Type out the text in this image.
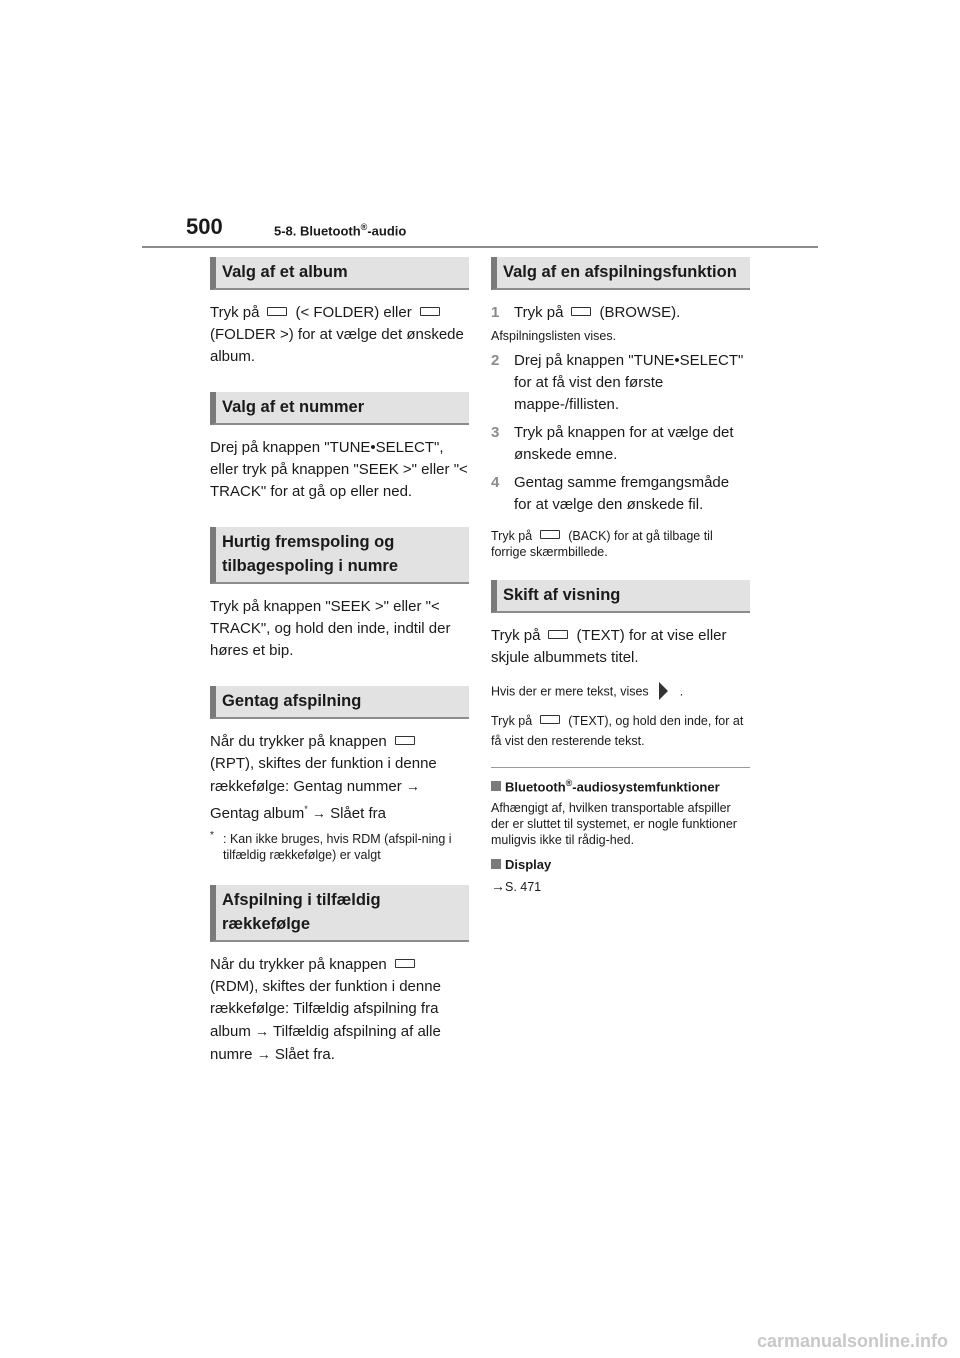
500	5-8. Bluetooth®-audio
Valg af et album

Tryk på (< FOLDER) eller (FOLDER >) for at vælge det ønskede album.

Valg af et nummer

Drej på knappen "TUNE•SELECT", eller tryk på knappen "SEEK >" eller "< TRACK" for at gå op eller ned.

Hurtig fremspoling og tilbagespoling i numre

Tryk på knappen "SEEK >" eller "< TRACK", og hold den inde, indtil der høres et bip.

Gentag afspilning

Når du trykker på knappen (RPT), skiftes der funktion i denne rækkefølge: Gentag nummer → Gentag album* → Slået fra

* : Kan ikke bruges, hvis RDM (afspil-ning i tilfældig rækkefølge) er valgt
Afspilning i tilfældig rækkefølge

Når du trykker på knappen (RDM), skiftes der funktion i denne rækkefølge: Tilfældig afspilning fra album → Tilfældig afspilning af alle numre → Slået fra.

Valg af en afspilningsfunktion
1 Tryk på (BROWSE).

Afspilningslisten vises.

2 Drej på knappen "TUNE•SELECT" for at få vist den første mappe-/fillisten.
3 Tryk på knappen for at vælge det ønskede emne.
4 Gentag samme fremgangsmåde for at vælge den ønskede fil.

Tryk på	(BACK) for at gå tilbage til forrige skærmbillede.

Skift af visning

Tryk på (TEXT) for at vise eller skjule albummets titel.

Hvis der er mere tekst, vises .

Tryk på	(TEXT), og hold den inde, for at få vist den resterende tekst.

Bluetooth®-audiosystemfunktioner

Afhængigt af, hvilken transportable afspiller der er sluttet til systemet, er nogle funktioner muligvis ikke til rådig-hed.

Display

→S. 471

carmanualsonline.info
